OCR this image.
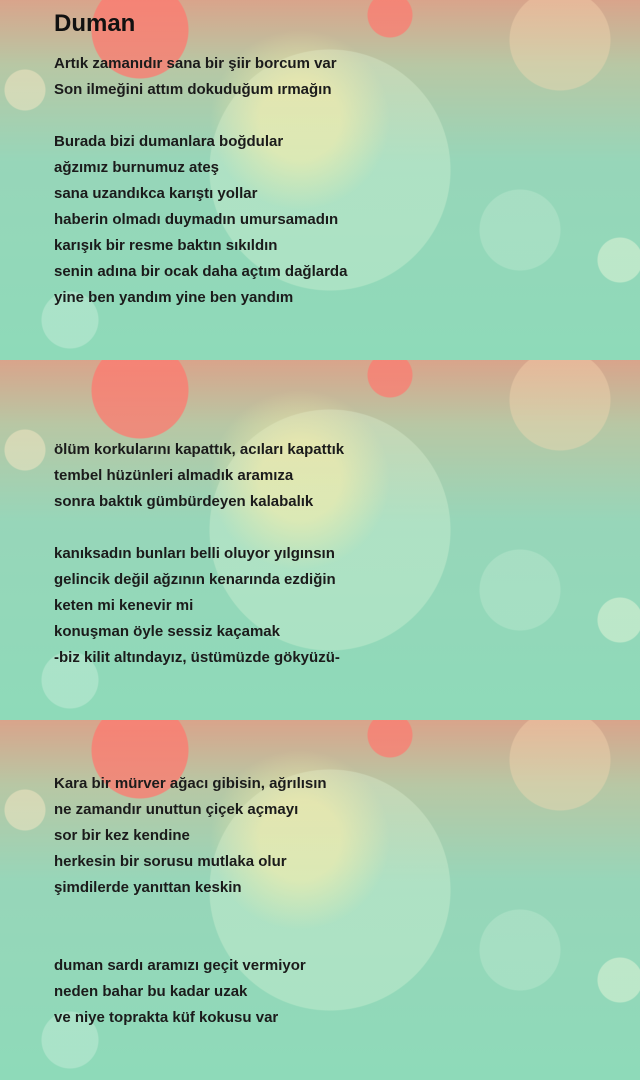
Duman
Artık zamanıdır sana bir şiir borcum var
Son ilmeğini attım dokuduğum ırmağın
Burada bizi dumanlara boğdular
ağzımız burnumuz ateş
sana uzandıkca karıştı yollar
haberin olmadı duymadın umursamadın
karışık bir resme baktın sıkıldın
senin adına bir ocak daha açtım dağlarda
yine ben yandım yine ben yandım
ölüm korkularını kapattık, acıları kapattık
tembel hüzünleri almadık aramıza
sonra baktık gümbürdeyen kalabalık
kanıksadın bunları belli oluyor yılgınsın
gelincik değil ağzının kenarında ezdiğin
keten mi kenevir mi
konuşman öyle sessiz kaçamak
-biz kilit altındayız, üstümüzde gökyüzü-
Kara bir mürver ağacı gibisin, ağrılısın
ne zamandır unuttun çiçek açmayı
sor bir kez kendine
herkesin bir sorusu mutlaka olur
şimdilerde yanıttan keskin
duman sardı aramızı geçit vermiyor
neden bahar bu kadar uzak
ve niye toprakta küf kokusu var
